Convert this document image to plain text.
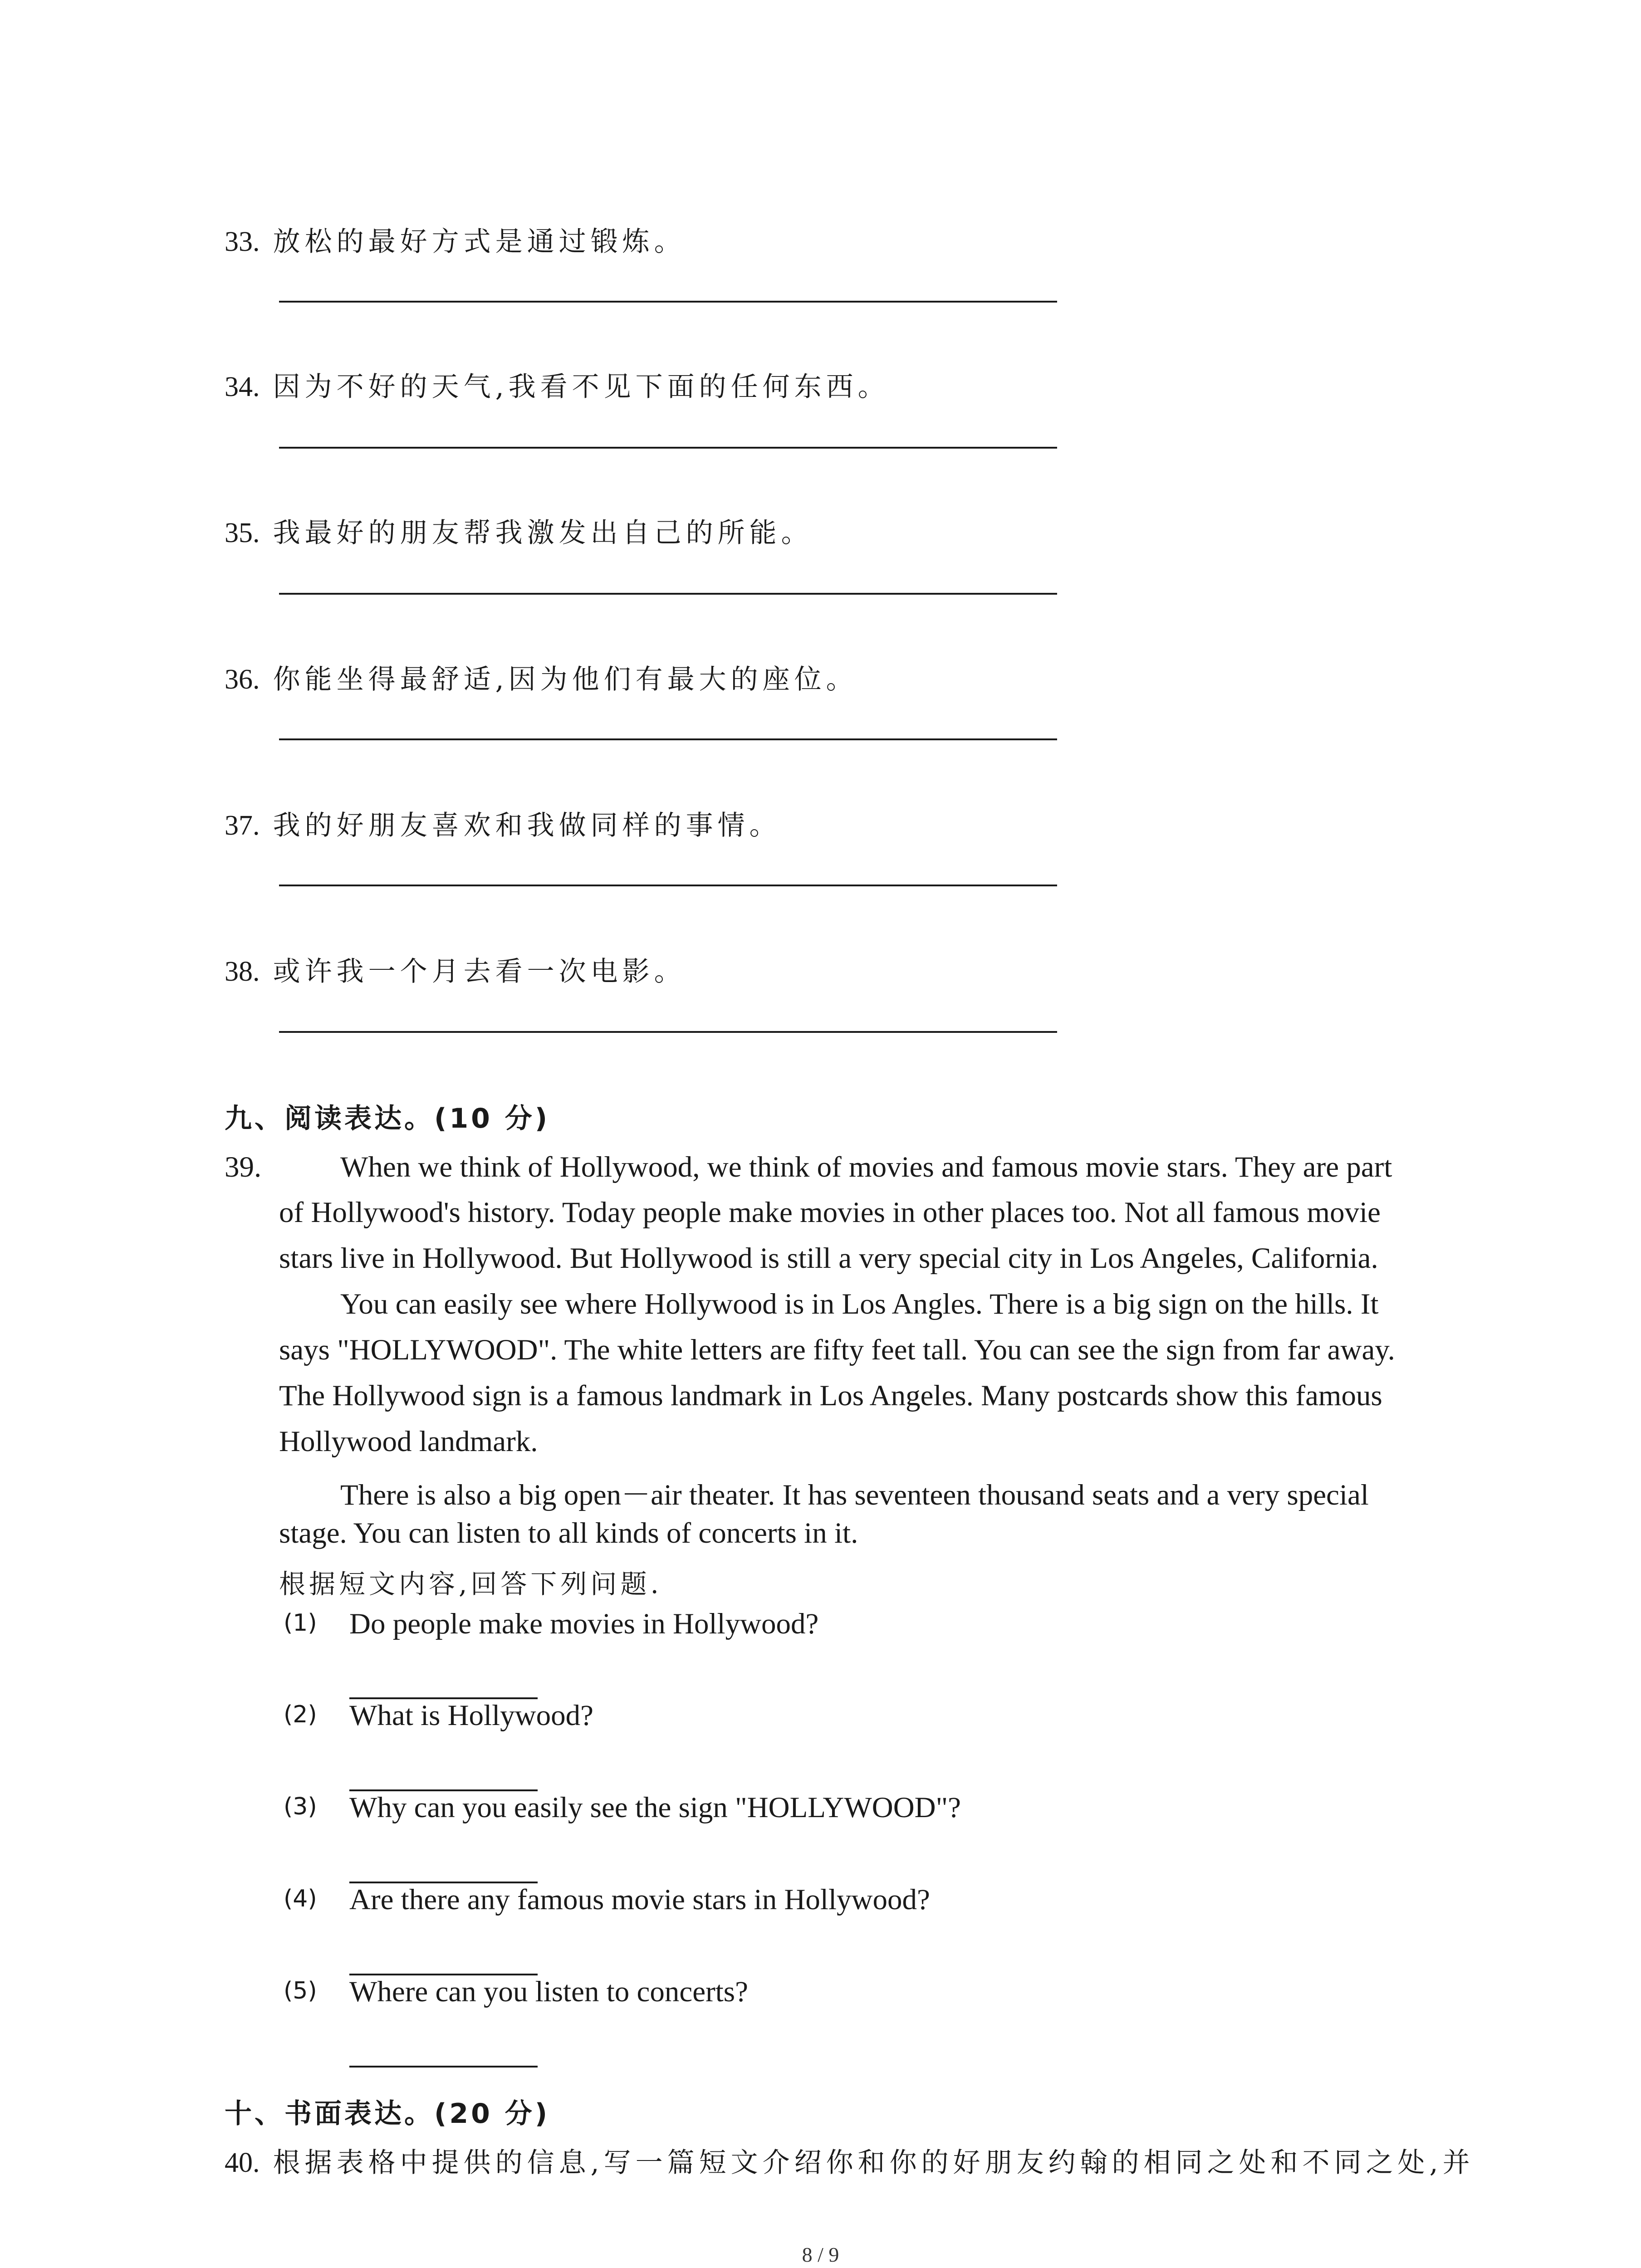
33. 放松的最好方式是通过锻炼。
34. 因为不好的天气,我看不见下面的任何东西。
35. 我最好的朋友帮我激发出自己的所能。
36. 你能坐得最舒适,因为他们有最大的座位。
37. 我的好朋友喜欢和我做同样的事情。
38. 或许我一个月去看一次电影。
九、阅读表达。(10 分)
39.	When we think of Hollywood, we think of movies and famous movie stars. They are part
of Hollywood's history. Today people make movies in other places too. Not all famous movie
stars live in Hollywood. But Hollywood is still a very special city in Los Angeles, California.
You can easily see where Hollywood is in Los Angles. There is a big sign on the hills. It
says "HOLLYWOOD". The white letters are fifty feet tall. You can see the sign from far away.
The Hollywood sign is a famous landmark in Los Angeles. Many postcards show this famous
Hollywood landmark.
There is also a big open－air theater. It has seventeen thousand seats and a very special
stage. You can listen to all kinds of concerts in it.
根据短文内容,回答下列问题.
(1) Do people make movies in Hollywood?
(2) What is Hollywood?
(3) Why can you easily see the sign "HOLLYWOOD"?
(4) Are there any famous movie stars in Hollywood?
(5) Where can you listen to concerts?
十、书面表达。(20 分)
40. 根据表格中提供的信息,写一篇短文介绍你和你的好朋友约翰的相同之处和不同之处,并
8 / 9
